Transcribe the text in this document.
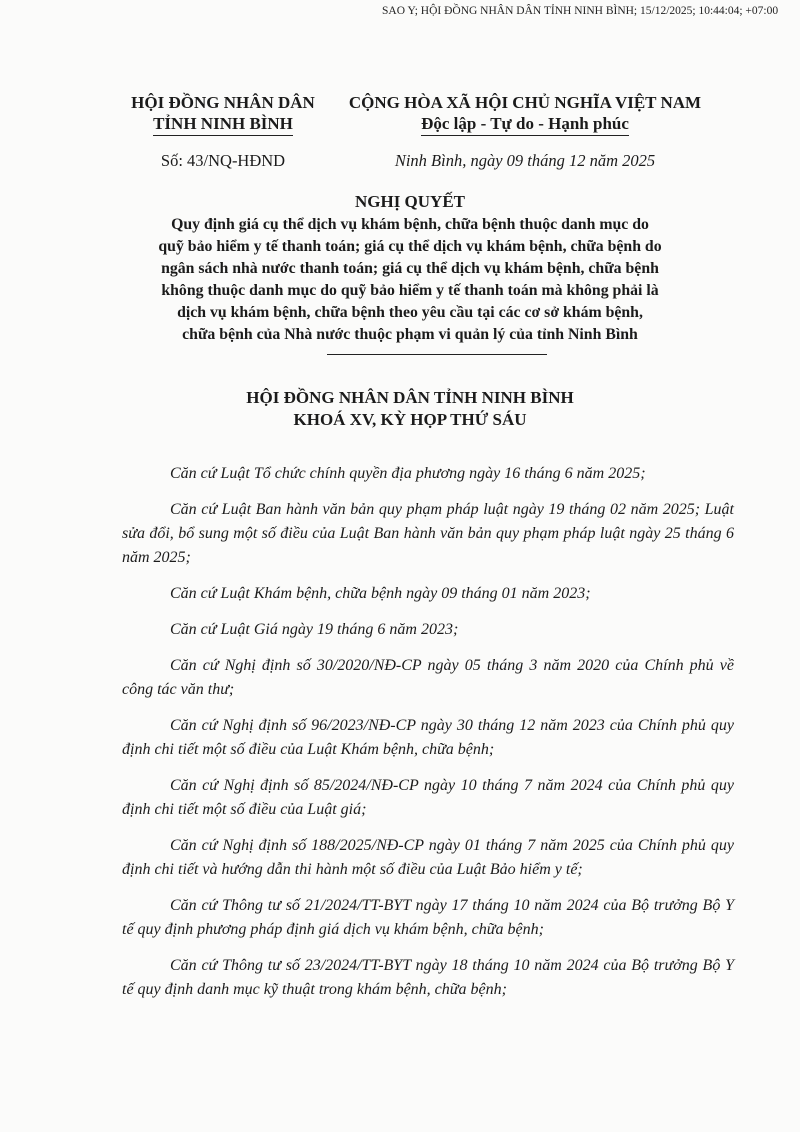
SAO Y; HỘI ĐỒNG NHÂN DÂN TỈNH NINH BÌNH; 15/12/2025; 10:44:04; +07:00
HỘI ĐỒNG NHÂN DÂN
TỈNH NINH BÌNH
Số: 43/NQ-HĐND
CỘNG HÒA XÃ HỘI CHỦ NGHĨA VIỆT NAM
Độc lập - Tự do - Hạnh phúc
Ninh Bình, ngày 09 tháng 12 năm 2025
NGHỊ QUYẾT
Quy định giá cụ thể dịch vụ khám bệnh, chữa bệnh thuộc danh mục do
quỹ bảo hiểm y tế thanh toán; giá cụ thể dịch vụ khám bệnh, chữa bệnh do
ngân sách nhà nước thanh toán; giá cụ thể dịch vụ khám bệnh, chữa bệnh
không thuộc danh mục do quỹ bảo hiểm y tế thanh toán mà không phải là
dịch vụ khám bệnh, chữa bệnh theo yêu cầu tại các cơ sở khám bệnh,
chữa bệnh của Nhà nước thuộc phạm vi quản lý của tỉnh Ninh Bình
HỘI ĐỒNG NHÂN DÂN TỈNH NINH BÌNH
KHOÁ XV, KỲ HỌP THỨ SÁU

Căn cứ Luật Tổ chức chính quyền địa phương ngày 16 tháng 6 năm 2025;

Căn cứ Luật Ban hành văn bản quy phạm pháp luật ngày 19 tháng 02 năm 2025; Luật sửa đổi, bổ sung một số điều của Luật Ban hành văn bản quy phạm pháp luật ngày 25 tháng 6 năm 2025;

Căn cứ Luật Khám bệnh, chữa bệnh ngày 09 tháng 01 năm 2023;

Căn cứ Luật Giá ngày 19 tháng 6 năm 2023;

Căn cứ Nghị định số 30/2020/NĐ-CP ngày 05 tháng 3 năm 2020 của Chính phủ về công tác văn thư;

Căn cứ Nghị định số 96/2023/NĐ-CP ngày 30 tháng 12 năm 2023 của Chính phủ quy định chi tiết một số điều của Luật Khám bệnh, chữa bệnh;

Căn cứ Nghị định số 85/2024/NĐ-CP ngày 10 tháng 7 năm 2024 của Chính phủ quy định chi tiết một số điều của Luật giá;

Căn cứ Nghị định số 188/2025/NĐ-CP ngày 01 tháng 7 năm 2025 của Chính phủ quy định chi tiết và hướng dẫn thi hành một số điều của Luật Bảo hiểm y tế;

Căn cứ Thông tư số 21/2024/TT-BYT ngày 17 tháng 10 năm 2024 của Bộ trưởng Bộ Y tế quy định phương pháp định giá dịch vụ khám bệnh, chữa bệnh;

Căn cứ Thông tư số 23/2024/TT-BYT ngày 18 tháng 10 năm 2024 của Bộ trưởng Bộ Y tế quy định danh mục kỹ thuật trong khám bệnh, chữa bệnh;
